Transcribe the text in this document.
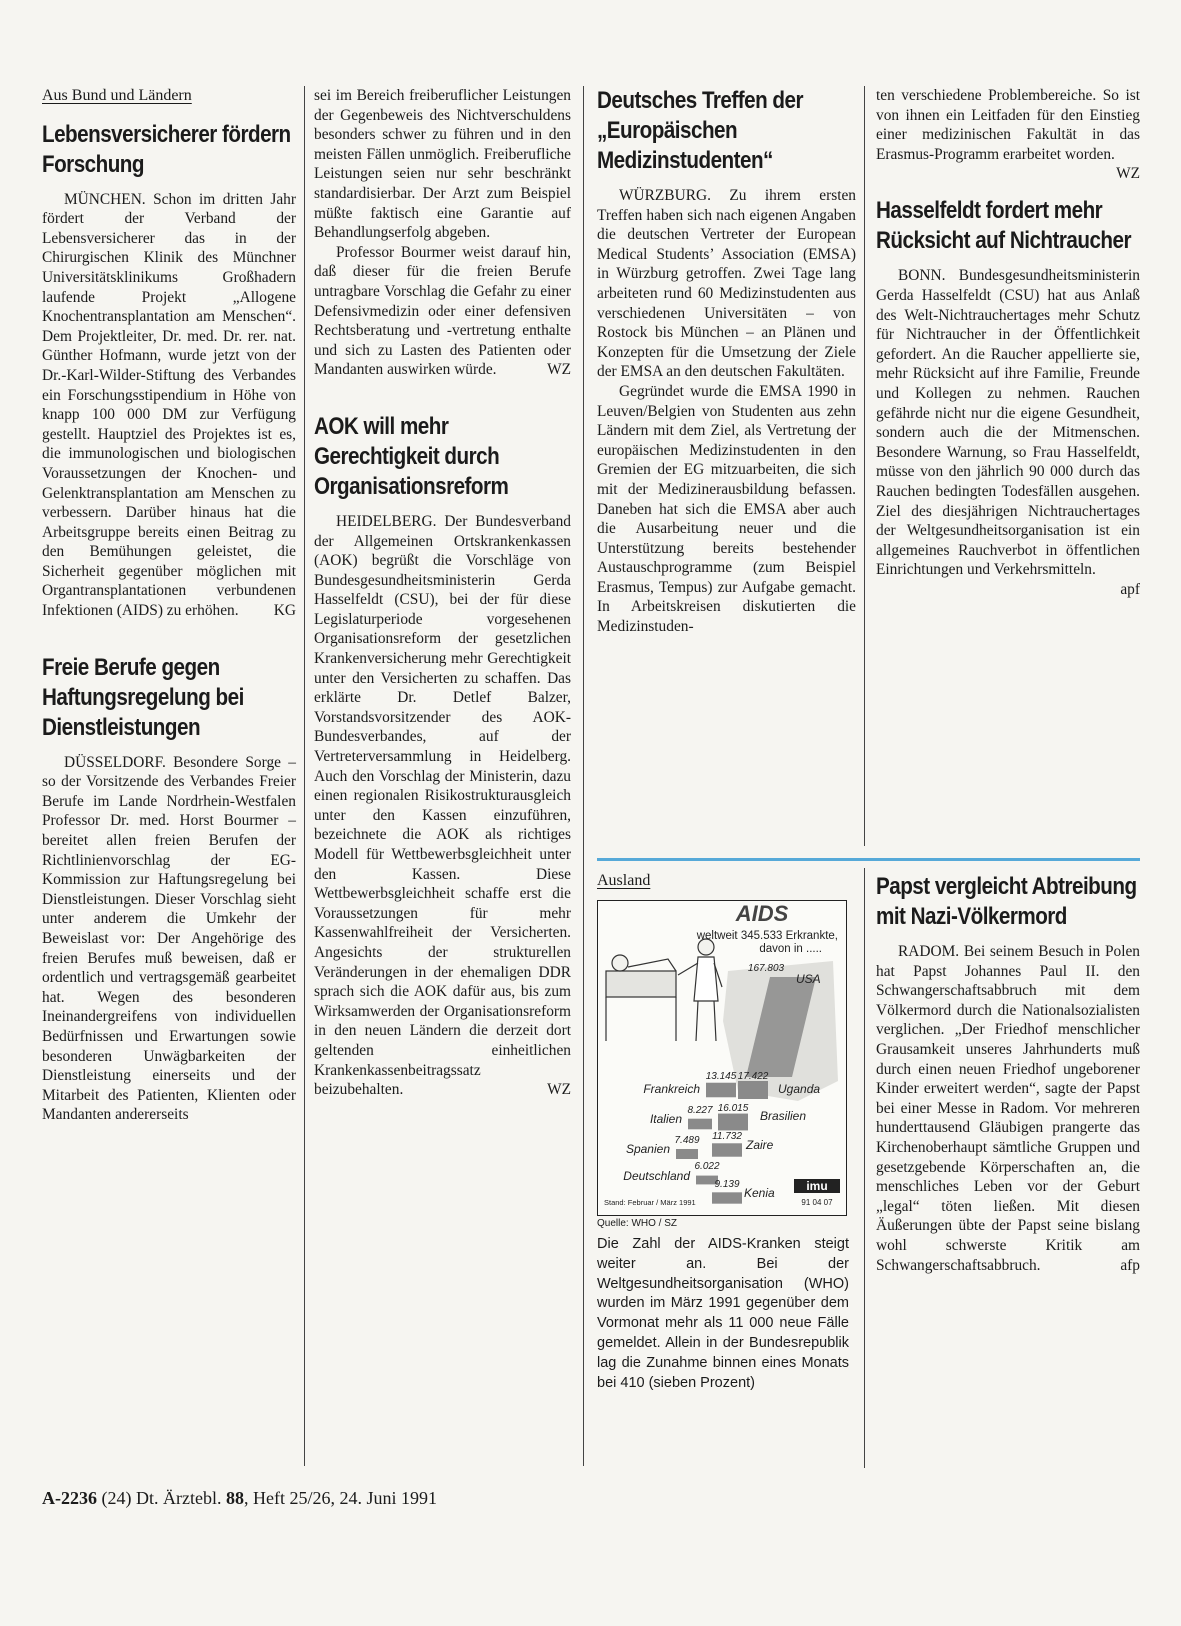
Aus Bund und Ländern
Lebensversicherer fördern Forschung

MÜNCHEN. Schon im dritten Jahr fördert der Verband der Lebensversicherer das in der Chirurgischen Klinik des Münchner Universitätsklinikums Großhadern laufende Projekt „Allogene Knochentransplantation am Menschen“. Dem Projektleiter, Dr. med. Dr. rer. nat. Günther Hofmann, wurde jetzt von der Dr.-Karl-Wilder-Stiftung des Verbandes ein Forschungsstipendium in Höhe von knapp 100 000 DM zur Verfügung gestellt. Hauptziel des Projektes ist es, die immunologischen und biologischen Voraussetzungen der Knochen- und Gelenktransplantation am Menschen zu verbessern. Darüber hinaus hat die Arbeitsgruppe bereits einen Beitrag zu den Bemühungen geleistet, die Sicherheit gegenüber möglichen mit Organtransplantationen verbundenen Infektionen (AIDS) zu erhöhen.	KG

Freie Berufe gegen Haftungsregelung bei Dienstleistungen

DÜSSELDORF. Besondere Sorge – so der Vorsitzende des Verbandes Freier Berufe im Lande Nordrhein-Westfalen Professor Dr. med. Horst Bourmer – bereitet allen freien Berufen der Richtlinienvorschlag der EG-Kommission zur Haftungsregelung bei Dienstleistungen. Dieser Vorschlag sieht unter anderem die Umkehr der Beweislast vor: Der Angehörige des freien Berufes muß beweisen, daß er ordentlich und vertragsgemäß gearbeitet hat. Wegen des besonderen Ineinandergreifens von individuellen Bedürfnissen und Erwartungen sowie besonderen Unwägbarkeiten der Dienstleistung einerseits und der Mitarbeit des Patienten, Klienten oder Mandanten andererseits

sei im Bereich freiberuflicher Leistungen der Gegenbeweis des Nichtverschuldens besonders schwer zu führen und in den meisten Fällen unmöglich. Freiberufliche Leistungen seien nur sehr beschränkt standardisierbar. Der Arzt zum Beispiel müßte faktisch eine Garantie auf Behandlungserfolg abgeben.

Professor Bourmer weist darauf hin, daß dieser für die freien Berufe untragbare Vorschlag die Gefahr zu einer Defensivmedizin oder einer defensiven Rechtsberatung und -vertretung enthalte und sich zu Lasten des Patienten oder Mandanten auswirken würde.	WZ

AOK will mehr Gerechtigkeit durch Organisationsreform

HEIDELBERG. Der Bundesverband der Allgemeinen Ortskrankenkassen (AOK) begrüßt die Vorschläge von Bundesgesundheitsministerin Gerda Hasselfeldt (CSU), bei der für diese Legislaturperiode vorgesehenen Organisationsreform der gesetzlichen Krankenversicherung mehr Gerechtigkeit unter den Versicherten zu schaffen. Das erklärte Dr. Detlef Balzer, Vorstandsvorsitzender des AOK-Bundesverbandes, auf der Vertreterversammlung in Heidelberg. Auch den Vorschlag der Ministerin, dazu einen regionalen Risikostrukturausgleich unter den Kassen einzuführen, bezeichnete die AOK als richtiges Modell für Wettbewerbsgleichheit unter den Kassen. Diese Wettbewerbsgleichheit schaffe erst die Voraussetzungen für mehr Kassenwahlfreiheit der Versicherten. Angesichts der strukturellen Veränderungen in der ehemaligen DDR sprach sich die AOK dafür aus, bis zum Wirksamwerden der Organisationsreform in den neuen Ländern die derzeit dort geltenden einheitlichen Krankenkassenbeitragssatz beizubehalten.	WZ

Deutsches Treffen der „Europäischen Medizinstudenten“

WÜRZBURG. Zu ihrem ersten Treffen haben sich nach eigenen Angaben die deutschen Vertreter der European Medical Students’ Association (EMSA) in Würzburg getroffen. Zwei Tage lang arbeiteten rund 60 Medizinstudenten aus verschiedenen Universitäten – von Rostock bis München – an Plänen und Konzepten für die Umsetzung der Ziele der EMSA an den deutschen Fakultäten.

Gegründet wurde die EMSA 1990 in Leuven/Belgien von Studenten aus zehn Ländern mit dem Ziel, als Vertretung der europäischen Medizinstudenten in den Gremien der EG mitzuarbeiten, die sich mit der Medizinerausbildung befassen. Daneben hat sich die EMSA aber auch die Ausarbeitung neuer und die Unterstützung bereits bestehender Austauschprogramme (zum Beispiel Erasmus, Tempus) zur Aufgabe gemacht. In Arbeitskreisen diskutierten die Medizinstuden-

Ausland
AIDS
weltweit 345.533 Erkrankte,
davon in .....
USA
167.803
Uganda
17.422
Frankreich
13.145
Brasilien
16.015
Italien
8.227
Zaire
11.732
Spanien
7.489
Deutschland
6.022
Kenia
9.139
Stand: Februar / März 1991
imu
91 04 07
Quelle: WHO / SZ
Die Zahl der AIDS-Kranken steigt weiter an. Bei der Weltgesundheitsorganisation (WHO) wurden im März 1991 gegenüber dem Vormonat mehr als 11 000 neue Fälle gemeldet. Allein in der Bundesrepublik lag die Zunahme binnen eines Monats bei 410 (sieben Prozent)

ten verschiedene Problembereiche. So ist von ihnen ein Leitfaden für den Einstieg einer medizinischen Fakultät in das Erasmus-Programm erarbeitet worden.
WZ

Hasselfeldt fordert mehr Rücksicht auf Nichtraucher

BONN. Bundesgesundheitsministerin Gerda Hasselfeldt (CSU) hat aus Anlaß des Welt-Nichtrauchertages mehr Schutz für Nichtraucher in der Öffentlichkeit gefordert. An die Raucher appellierte sie, mehr Rücksicht auf ihre Familie, Freunde und Kollegen zu nehmen. Rauchen gefährde nicht nur die eigene Gesundheit, sondern auch die der Mitmenschen. Besondere Warnung, so Frau Hasselfeldt, müsse von den jährlich 90 000 durch das Rauchen bedingten Todesfällen ausgehen. Ziel des diesjährigen Nichtrauchertages der Weltgesundheitsorganisation ist ein allgemeines Rauchverbot in öffentlichen Einrichtungen und Verkehrsmitteln.
apf

Papst vergleicht Abtreibung mit Nazi-Völkermord

RADOM. Bei seinem Besuch in Polen hat Papst Johannes Paul II. den Schwangerschaftsabbruch mit dem Völkermord durch die Nationalsozialisten verglichen. „Der Friedhof menschlicher Grausamkeit unseres Jahrhunderts muß durch einen neuen Friedhof ungeborener Kinder erweitert werden“, sagte der Papst bei einer Messe in Radom. Vor mehreren hunderttausend Gläubigen prangerte das Kirchenoberhaupt sämtliche Gruppen und gesetzgebende Körperschaften an, die menschliches Leben vor der Geburt „legal“ töten ließen. Mit diesen Äußerungen übte der Papst seine bislang wohl schwerste Kritik am Schwangerschaftsabbruch.	afp

A-2236 (24) Dt. Ärztebl. 88, Heft 25/26, 24. Juni 1991
